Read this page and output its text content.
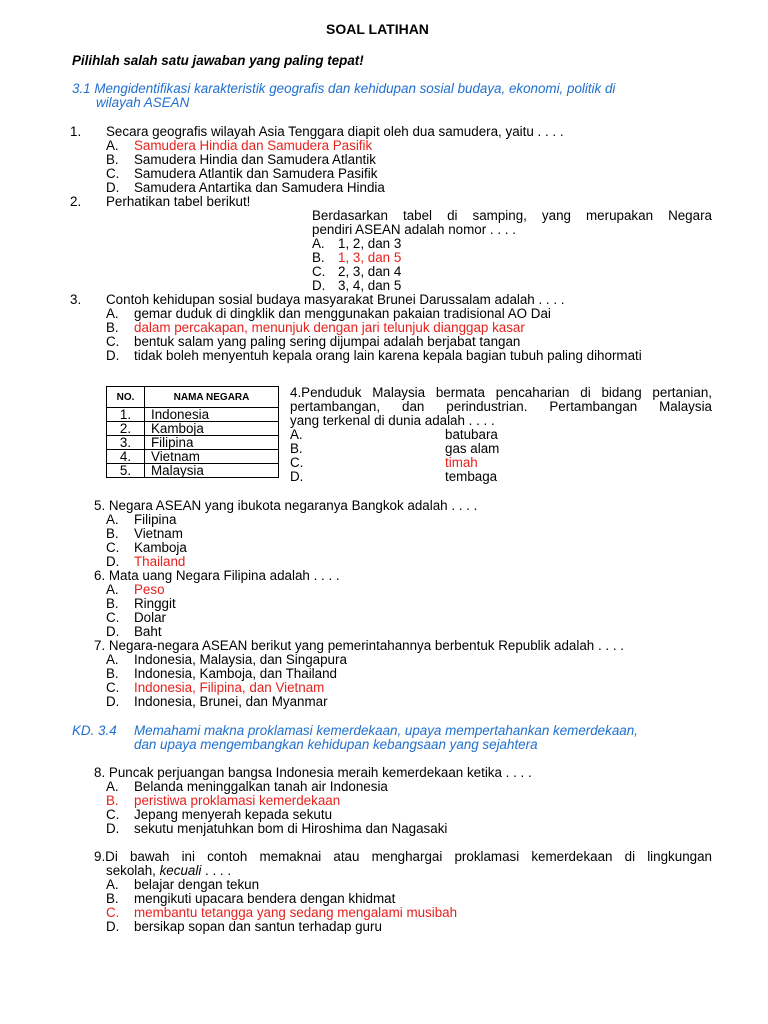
SOAL LATIHAN
Pilihlah salah satu jawaban yang paling tepat!
3.1 Mengidentifikasi karakteristik geografis dan kehidupan sosial budaya, ekonomi, politik di
wilayah ASEAN
1. Secara geografis wilayah Asia Tenggara diapit oleh dua samudera, yaitu . . . .
A. Samudera Hindia dan Samudera Pasifik
B. Samudera Hindia dan Samudera Atlantik
C. Samudera Atlantik dan Samudera Pasifik
D. Samudera Antartika dan Samudera Hindia
2. Perhatikan tabel berikut!
Berdasarkan tabel di samping, yang merupakan Negara
pendiri ASEAN adalah nomor . . . .
A. 1, 2, dan 3
B. 1, 3, dan 5
C. 2, 3, dan 4
D. 3, 4, dan 5
3. Contoh kehidupan sosial budaya masyarakat Brunei Darussalam adalah . . . .
A. gemar duduk di dingklik dan menggunakan pakaian tradisional AO Dai
B. dalam percakapan, menunjuk dengan jari telunjuk dianggap kasar
C. bentuk salam yang paling sering dijumpai adalah berjabat tangan
D. tidak boleh menyentuh kepala orang lain karena kepala bagian tubuh paling dihormati
NO.	NAMA NEGARA
1.	Indonesia
2.	Kamboja
3.	Filipina
4.	Vietnam
5.	Malaysia
4.Penduduk Malaysia bermata pencaharian di bidang pertanian,
pertambangan, dan perindustrian. Pertambangan Malaysia
yang terkenal di dunia adalah . . . .
A.	batubara
B.	gas alam
C.	timah
D.	tembaga
5. Negara ASEAN yang ibukota negaranya Bangkok adalah . . . .
A. Filipina
B. Vietnam
C. Kamboja
D. Thailand
6. Mata uang Negara Filipina adalah . . . .
A. Peso
B. Ringgit
C. Dolar
D. Baht
7. Negara-negara ASEAN berikut yang pemerintahannya berbentuk Republik adalah . . . .
A. Indonesia, Malaysia, dan Singapura
B. Indonesia, Kamboja, dan Thailand
C. Indonesia, Filipina, dan Vietnam
D. Indonesia, Brunei, dan Myanmar
KD. 3.4 Memahami makna proklamasi kemerdekaan, upaya mempertahankan kemerdekaan,
dan upaya mengembangkan kehidupan kebangsaan yang sejahtera
8. Puncak perjuangan bangsa Indonesia meraih kemerdekaan ketika . . . .
A. Belanda meninggalkan tanah air Indonesia
B. peristiwa proklamasi kemerdekaan
C. Jepang menyerah kepada sekutu
D. sekutu menjatuhkan bom di Hiroshima dan Nagasaki
9.Di bawah ini contoh memaknai atau menghargai proklamasi kemerdekaan di lingkungan
sekolah, kecuali . . . .
A. belajar dengan tekun
B. mengikuti upacara bendera dengan khidmat
C. membantu tetangga yang sedang mengalami musibah
D. bersikap sopan dan santun terhadap guru
